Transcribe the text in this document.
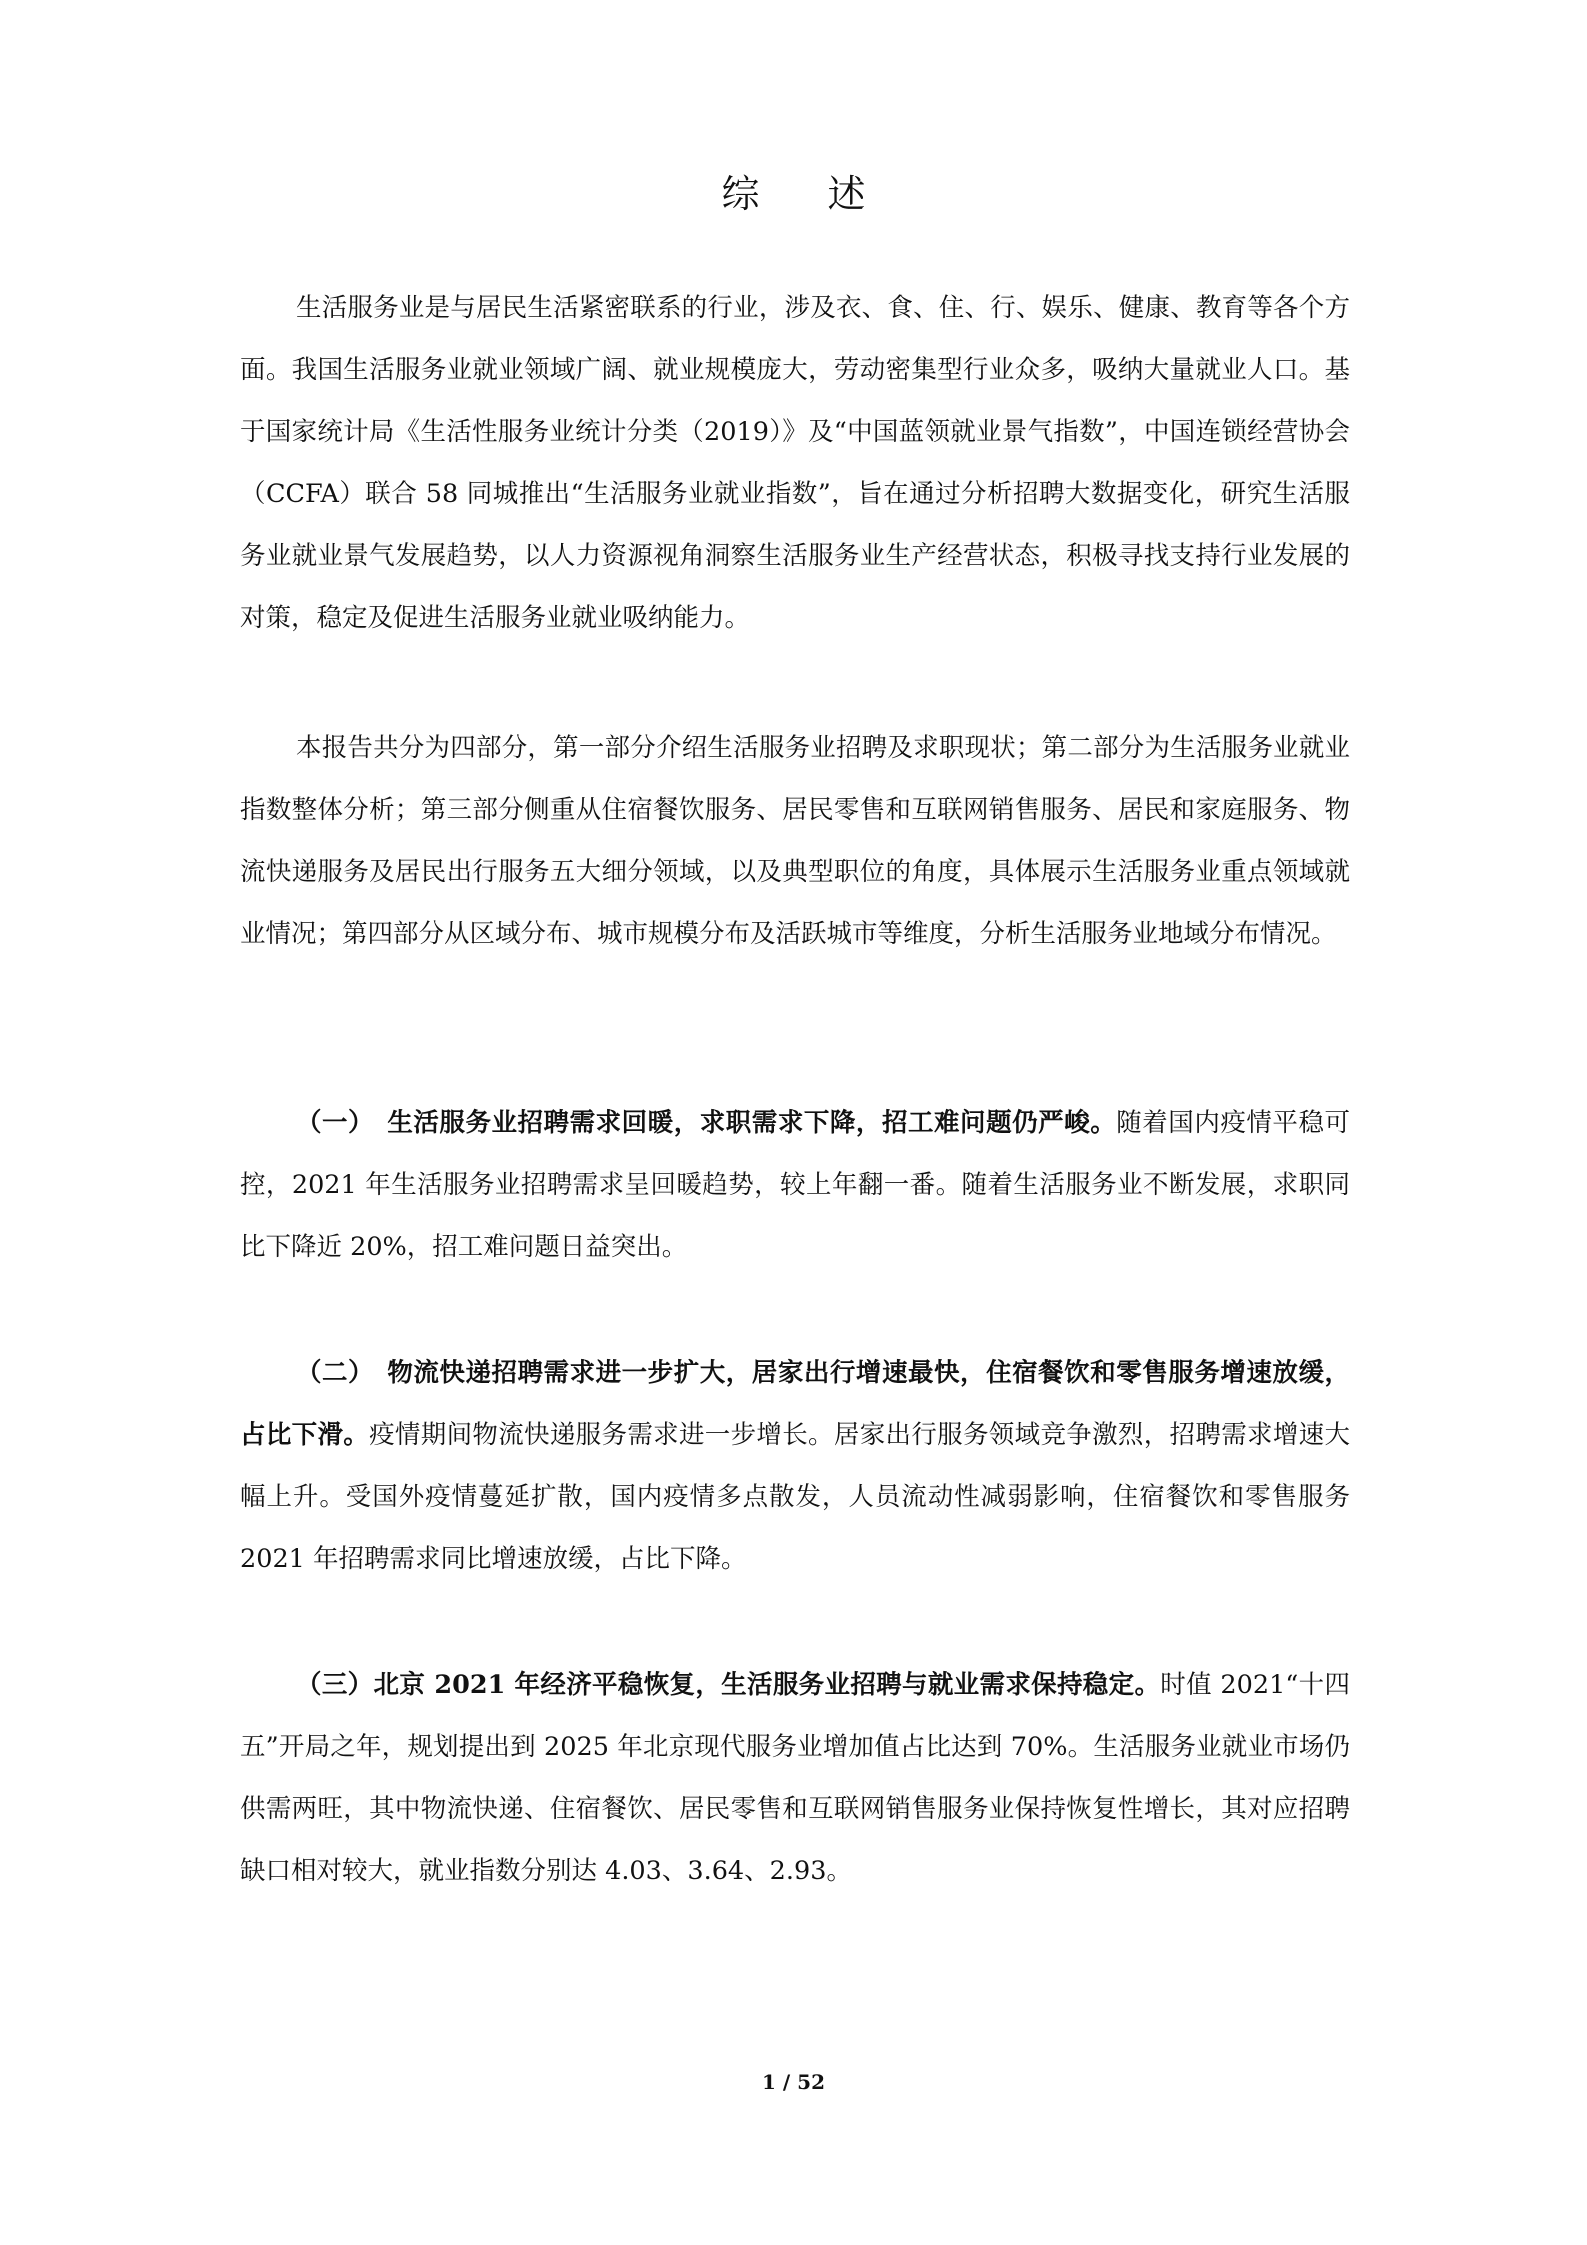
综 述

生活服务业是与居民生活紧密联系的行业，涉及衣、食、住、行、娱乐、健康、教育等各个方面。我国生活服务业就业领域广阔、就业规模庞大，劳动密集型行业众多，吸纳大量就业人口。基于国家统计局《生活性服务业统计分类（2019）》及“中国蓝领就业景气指数”，中国连锁经营协会（CCFA）联合 58 同城推出“生活服务业就业指数”，旨在通过分析招聘大数据变化，研究生活服务业就业景气发展趋势，以人力资源视角洞察生活服务业生产经营状态，积极寻找支持行业发展的对策，稳定及促进生活服务业就业吸纳能力。

本报告共分为四部分，第一部分介绍生活服务业招聘及求职现状；第二部分为生活服务业就业指数整体分析；第三部分侧重从住宿餐饮服务、居民零售和互联网销售服务、居民和家庭服务、物流快递服务及居民出行服务五大细分领域，以及典型职位的角度，具体展示生活服务业重点领域就业情况；第四部分从区域分布、城市规模分布及活跃城市等维度，分析生活服务业地域分布情况。

（一）　生活服务业招聘需求回暖，求职需求下降，招工难问题仍严峻。随着国内疫情平稳可控，2021 年生活服务业招聘需求呈回暖趋势，较上年翻一番。随着生活服务业不断发展，求职同比下降近 20%，招工难问题日益突出。

（二）　物流快递招聘需求进一步扩大，居家出行增速最快，住宿餐饮和零售服务增速放缓，占比下滑。疫情期间物流快递服务需求进一步增长。居家出行服务领域竞争激烈，招聘需求增速大幅上升。受国外疫情蔓延扩散，国内疫情多点散发，人员流动性减弱影响，住宿餐饮和零售服务 2021 年招聘需求同比增速放缓，占比下降。

（三）北京 2021 年经济平稳恢复，生活服务业招聘与就业需求保持稳定。时值 2021“十四五”开局之年，规划提出到 2025 年北京现代服务业增加值占比达到 70%。生活服务业就业市场仍供需两旺，其中物流快递、住宿餐饮、居民零售和互联网销售服务业保持恢复性增长，其对应招聘缺口相对较大，就业指数分别达 4.03、3.64、2.93。

1 / 52
